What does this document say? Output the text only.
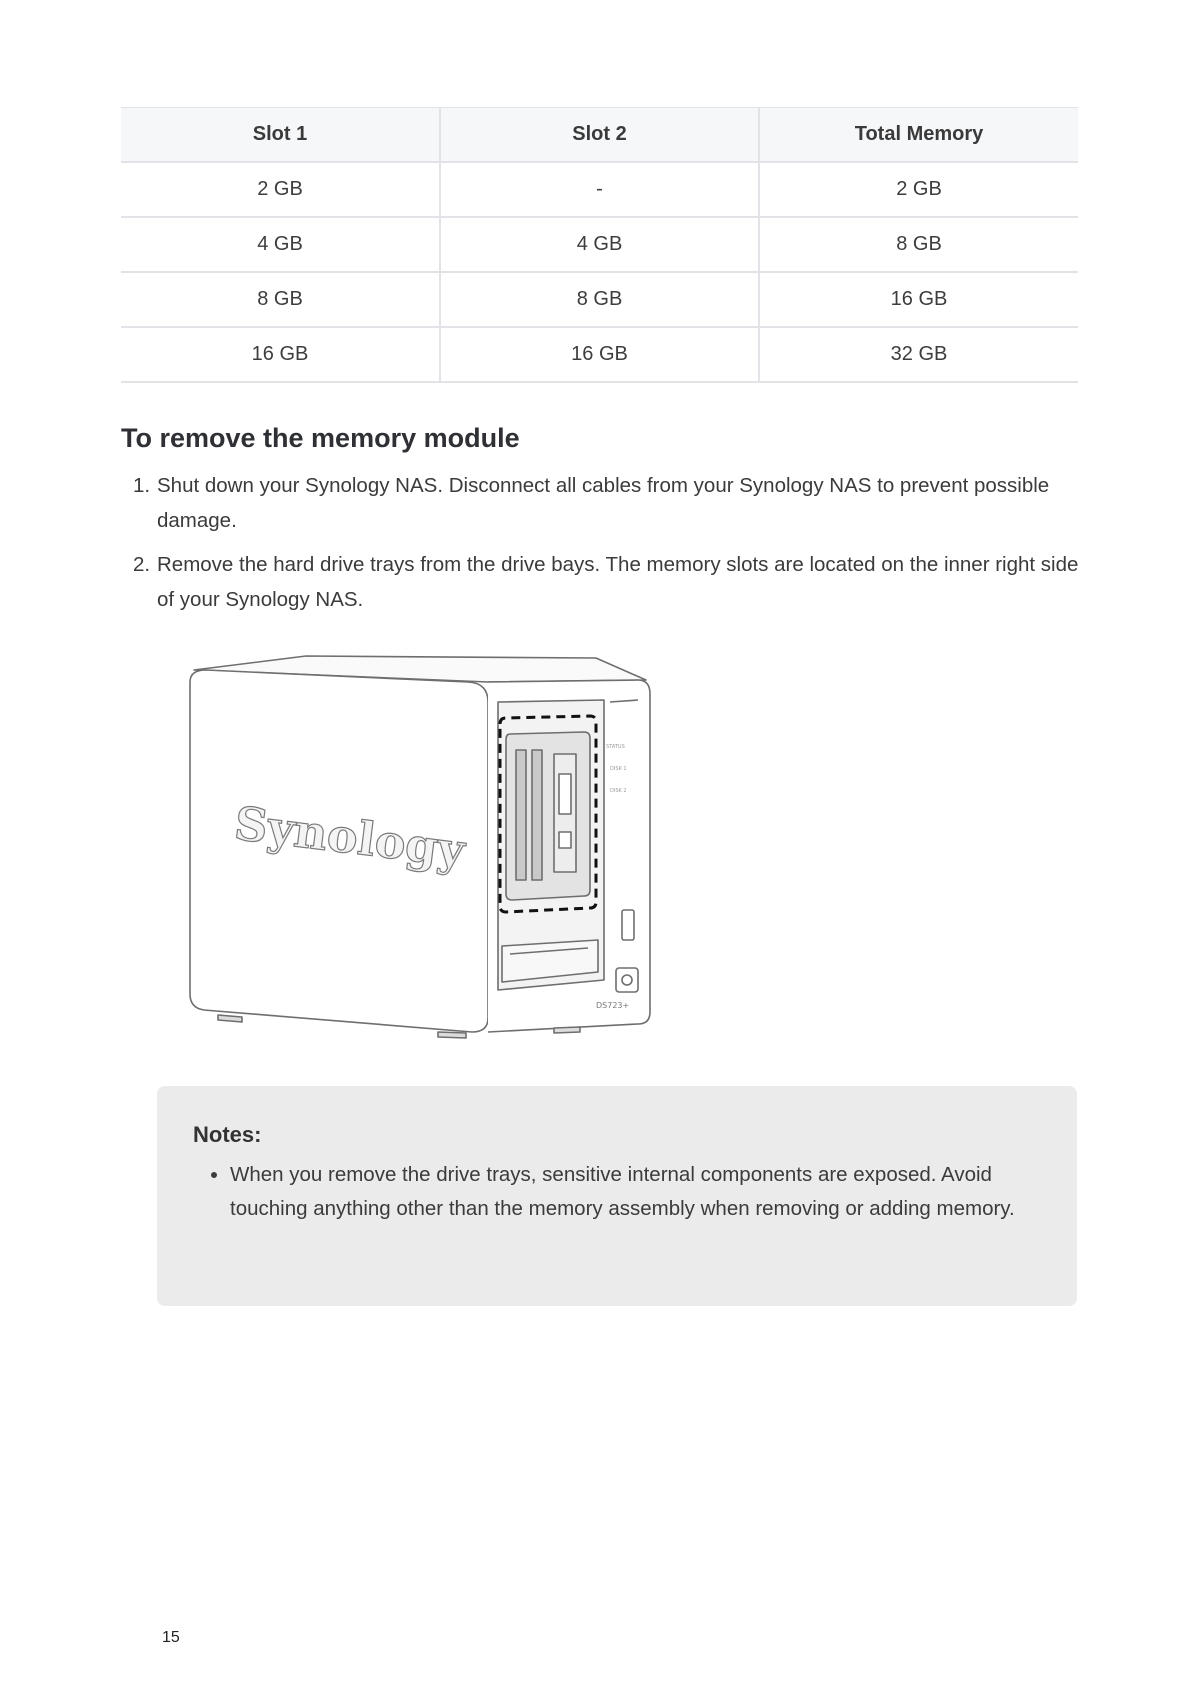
Slot 1	Slot 2	Total Memory
2 GB	-	2 GB
4 GB	4 GB	8 GB
8 GB	8 GB	16 GB
16 GB	16 GB	32 GB
To remove the memory module
1. Shut down your Synology NAS. Disconnect all cables from your Synology NAS to prevent possible damage.
2. Remove the hard drive trays from the drive bays. The memory slots are located on the inner right side of your Synology NAS.
Synology
DS723+
STATUS
DISK 1
DISK 2

Notes:

• When you remove the drive trays, sensitive internal components are exposed. Avoid touching anything other than the memory assembly when removing or adding memory.
15
